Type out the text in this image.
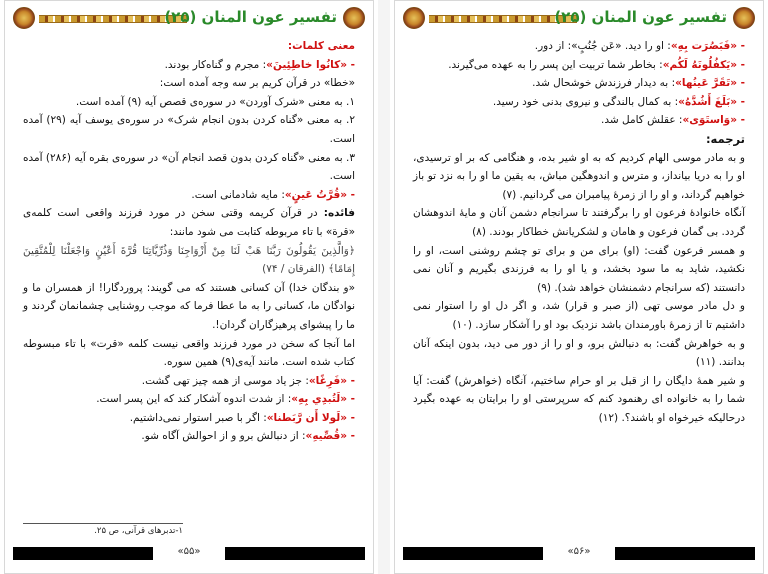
تفسیر عون المنان (۲۵)

معنی کلمات:

- «كانُوا خاطِئِينَ»: مجرم و گناه‌کار بودند.

«خطا» در قرآن کریم بر سه وجه آمده است:

۱. به معنی «شرک آوردن» در سوره‌ی قصص آیه (۹) آمده است.

۲. به معنی «گناه کردن بدون انجام شرک» در سوره‌ی یوسف آیه (۲۹) آمده است.

۳. به معنی «گناه کردن بدون قصد انجام آن» در سوره‌ی بقره آیه (۲۸۶) آمده است.

- «قُرَّتُ عَينٍ»: مایه شادمانی است.

فائده: در قرآن کریمه وقتی سخن در مورد فرزند واقعی است کلمه‌ی «قرة» با تاء مربوطه کتابت می شود مانند:

﴿وَالَّذِينَ يَقُولُونَ رَبَّنَا هَبْ لَنَا مِنْ أَزْوَاجِنَا وَذُرِّيَّاتِنَا قُرَّةَ أَعْيُنٍ وَاجْعَلْنَا لِلْمُتَّقِينَ إِمَامًا﴾ (الفرقان / ۷۴)

«و بندگان خدا) آن کسانی هستند که می گویند: پروردگارا! از همسران ما و نوادگان ما، کسانی را به ما عطا فرما که موجب روشنایی چشمانمان گردند و ما را پیشوای پرهیزگاران گردان!.

اما آنجا که سخن در مورد فرزند واقعی نیست کلمه «قرت» با تاء مبسوطه کتاب شده است. مانند آیه‌ی(۹) همین سوره.

- «فَرِغًا»: جز یاد موسی از همه چیز تهی گشت.

- «لَتُبدِي بِهِ»: از شدت اندوه آشکار کند که این پسر است.

- «لَولا أَن رَّبَطنا»: اگر با صبر استوار نمی‌داشتیم.

- «قُصِّيهِ»: از دنبالش برو و از احوالش آگاه شو.

۱-تدبرهای قرآنی، ص ۲۵.
«۵۵»
تفسیر عون المنان (۲۵)

- «فَبَصُرَت بِهِ»: او را دید. «عَن جُنُبٍ»: از دور.

- «يَكفُلُونَهُ لَكُم»: بخاطر شما تربیت این پسر را به عهده می‌گیرند.

- «تَقَرَّ عَينُها»: به دیدار فرزندش خوشحال شد.

- «بَلَغَ أَشُدَّهُ»: به کمال بالندگی و نیروی بدنی خود رسید.

- «وَاستَوَى»: عقلش کامل شد.

ترجمه:

و به مادر موسی الهام کردیم که به او شیر بده، و هنگامی که بر او ترسیدی، او را به دریا بیانداز، و مترس و اندوهگین مباش، به یقین ما او را به نزد تو باز خواهیم گرداند، و او را از زمرهٔ پیامبران می گردانیم. (۷)

آنگاه خانوادهٔ فرعون او را برگرفتند تا سرانجام دشمن آنان و مایهٔ اندوهشان گردد. بی گمان فرعون و هامان و لشکریانش خطاکار بودند. (۸)

و همسر فرعون گفت: (او) برای من و برای تو چشم روشنی است، او را نکشید، شاید به ما سود بخشد، و یا او را به فرزندی بگیریم و آنان نمی دانستند (که سرانجام دشمنشان خواهد شد). (۹)

و دل مادر موسی تهی (از صبر و قرار) شد، و اگر دل او را استوار نمی داشتیم تا از زمرهٔ باورمندان باشد نزدیک بود او را آشکار سازد. (۱۰)

و به خواهرش گفت: به دنبالش برو، و او را از دور می دید، بدون اینکه آنان بدانند. (۱۱)

و شیر همهٔ دایگان را از قبل بر او حرام ساختیم، آنگاه (خواهرش) گفت: آیا شما را به خانواده ای رهنمود کنم که سرپرستی او را برایتان به عهده بگیرد درحالیکه خیرخواه او باشند؟. (۱۲)

«۵۶»
